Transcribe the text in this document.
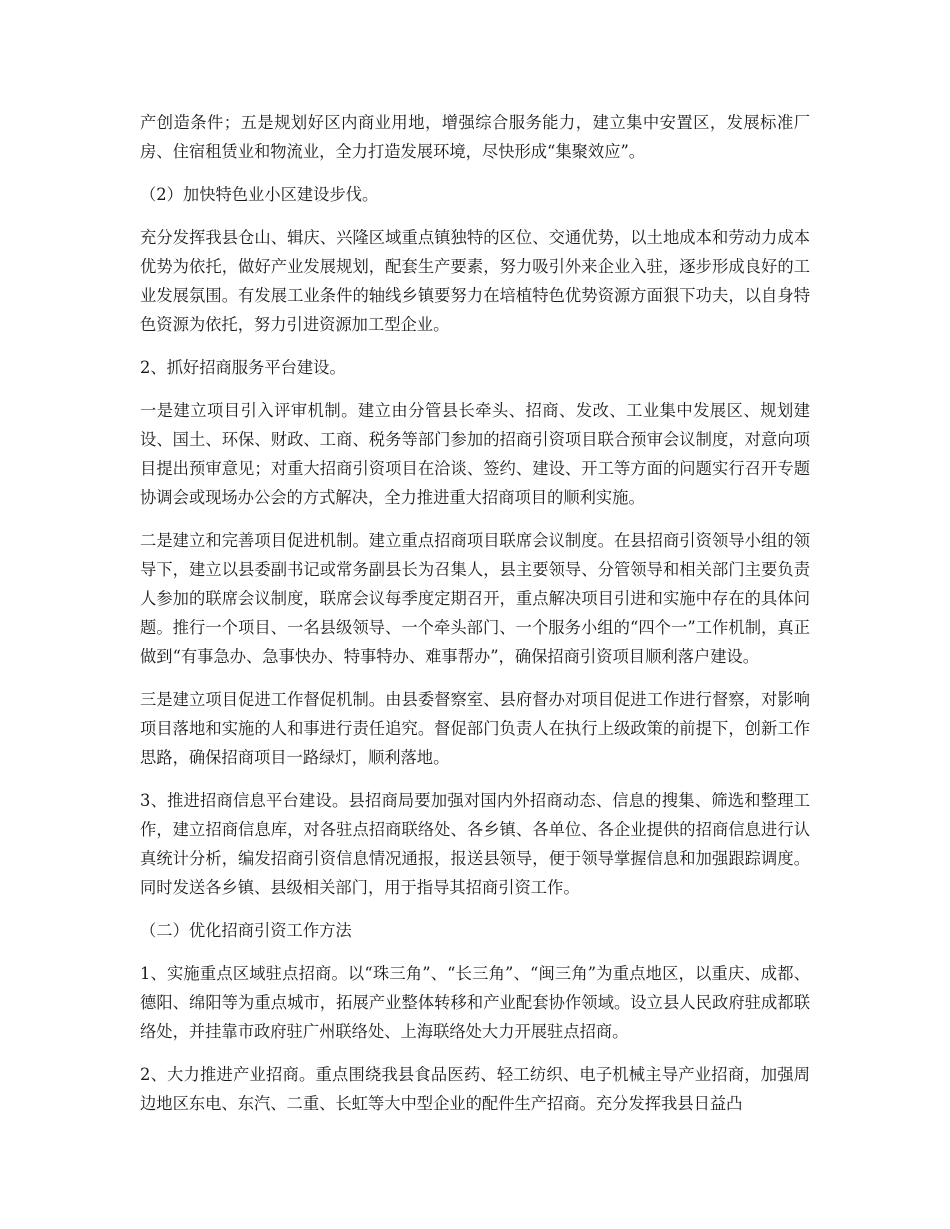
产创造条件；五是规划好区内商业用地，增强综合服务能力，建立集中安置区，发展标准厂房、住宿租赁业和物流业，全力打造发展环境，尽快形成“集聚效应”。

（2）加快特色业小区建设步伐。

充分发挥我县仓山、辑庆、兴隆区域重点镇独特的区位、交通优势，以土地成本和劳动力成本优势为依托，做好产业发展规划，配套生产要素，努力吸引外来企业入驻，逐步形成良好的工业发展氛围。有发展工业条件的轴线乡镇要努力在培植特色优势资源方面狠下功夫，以自身特色资源为依托，努力引进资源加工型企业。

2、抓好招商服务平台建设。

一是建立项目引入评审机制。建立由分管县长牵头、招商、发改、工业集中发展区、规划建设、国土、环保、财政、工商、税务等部门参加的招商引资项目联合预审会议制度，对意向项目提出预审意见；对重大招商引资项目在洽谈、签约、建设、开工等方面的问题实行召开专题协调会或现场办公会的方式解决，全力推进重大招商项目的顺利实施。

二是建立和完善项目促进机制。建立重点招商项目联席会议制度。在县招商引资领导小组的领导下，建立以县委副书记或常务副县长为召集人，县主要领导、分管领导和相关部门主要负责人参加的联席会议制度，联席会议每季度定期召开，重点解决项目引进和实施中存在的具体问题。推行一个项目、一名县级领导、一个牵头部门、一个服务小组的“四个一”工作机制，真正做到“有事急办、急事快办、特事特办、难事帮办”，确保招商引资项目顺利落户建设。

三是建立项目促进工作督促机制。由县委督察室、县府督办对项目促进工作进行督察，对影响项目落地和实施的人和事进行责任追究。督促部门负责人在执行上级政策的前提下，创新工作思路，确保招商项目一路绿灯，顺利落地。

3、推进招商信息平台建设。县招商局要加强对国内外招商动态、信息的搜集、筛选和整理工作，建立招商信息库，对各驻点招商联络处、各乡镇、各单位、各企业提供的招商信息进行认真统计分析，编发招商引资信息情况通报，报送县领导，便于领导掌握信息和加强跟踪调度。同时发送各乡镇、县级相关部门，用于指导其招商引资工作。

（二）优化招商引资工作方法

1、实施重点区域驻点招商。以“珠三角”、“长三角”、“闽三角”为重点地区，以重庆、成都、德阳、绵阳等为重点城市，拓展产业整体转移和产业配套协作领域。设立县人民政府驻成都联络处，并挂靠市政府驻广州联络处、上海联络处大力开展驻点招商。

2、大力推进产业招商。重点围绕我县食品医药、轻工纺织、电子机械主导产业招商，加强周边地区东电、东汽、二重、长虹等大中型企业的配件生产招商。充分发挥我县日益凸
